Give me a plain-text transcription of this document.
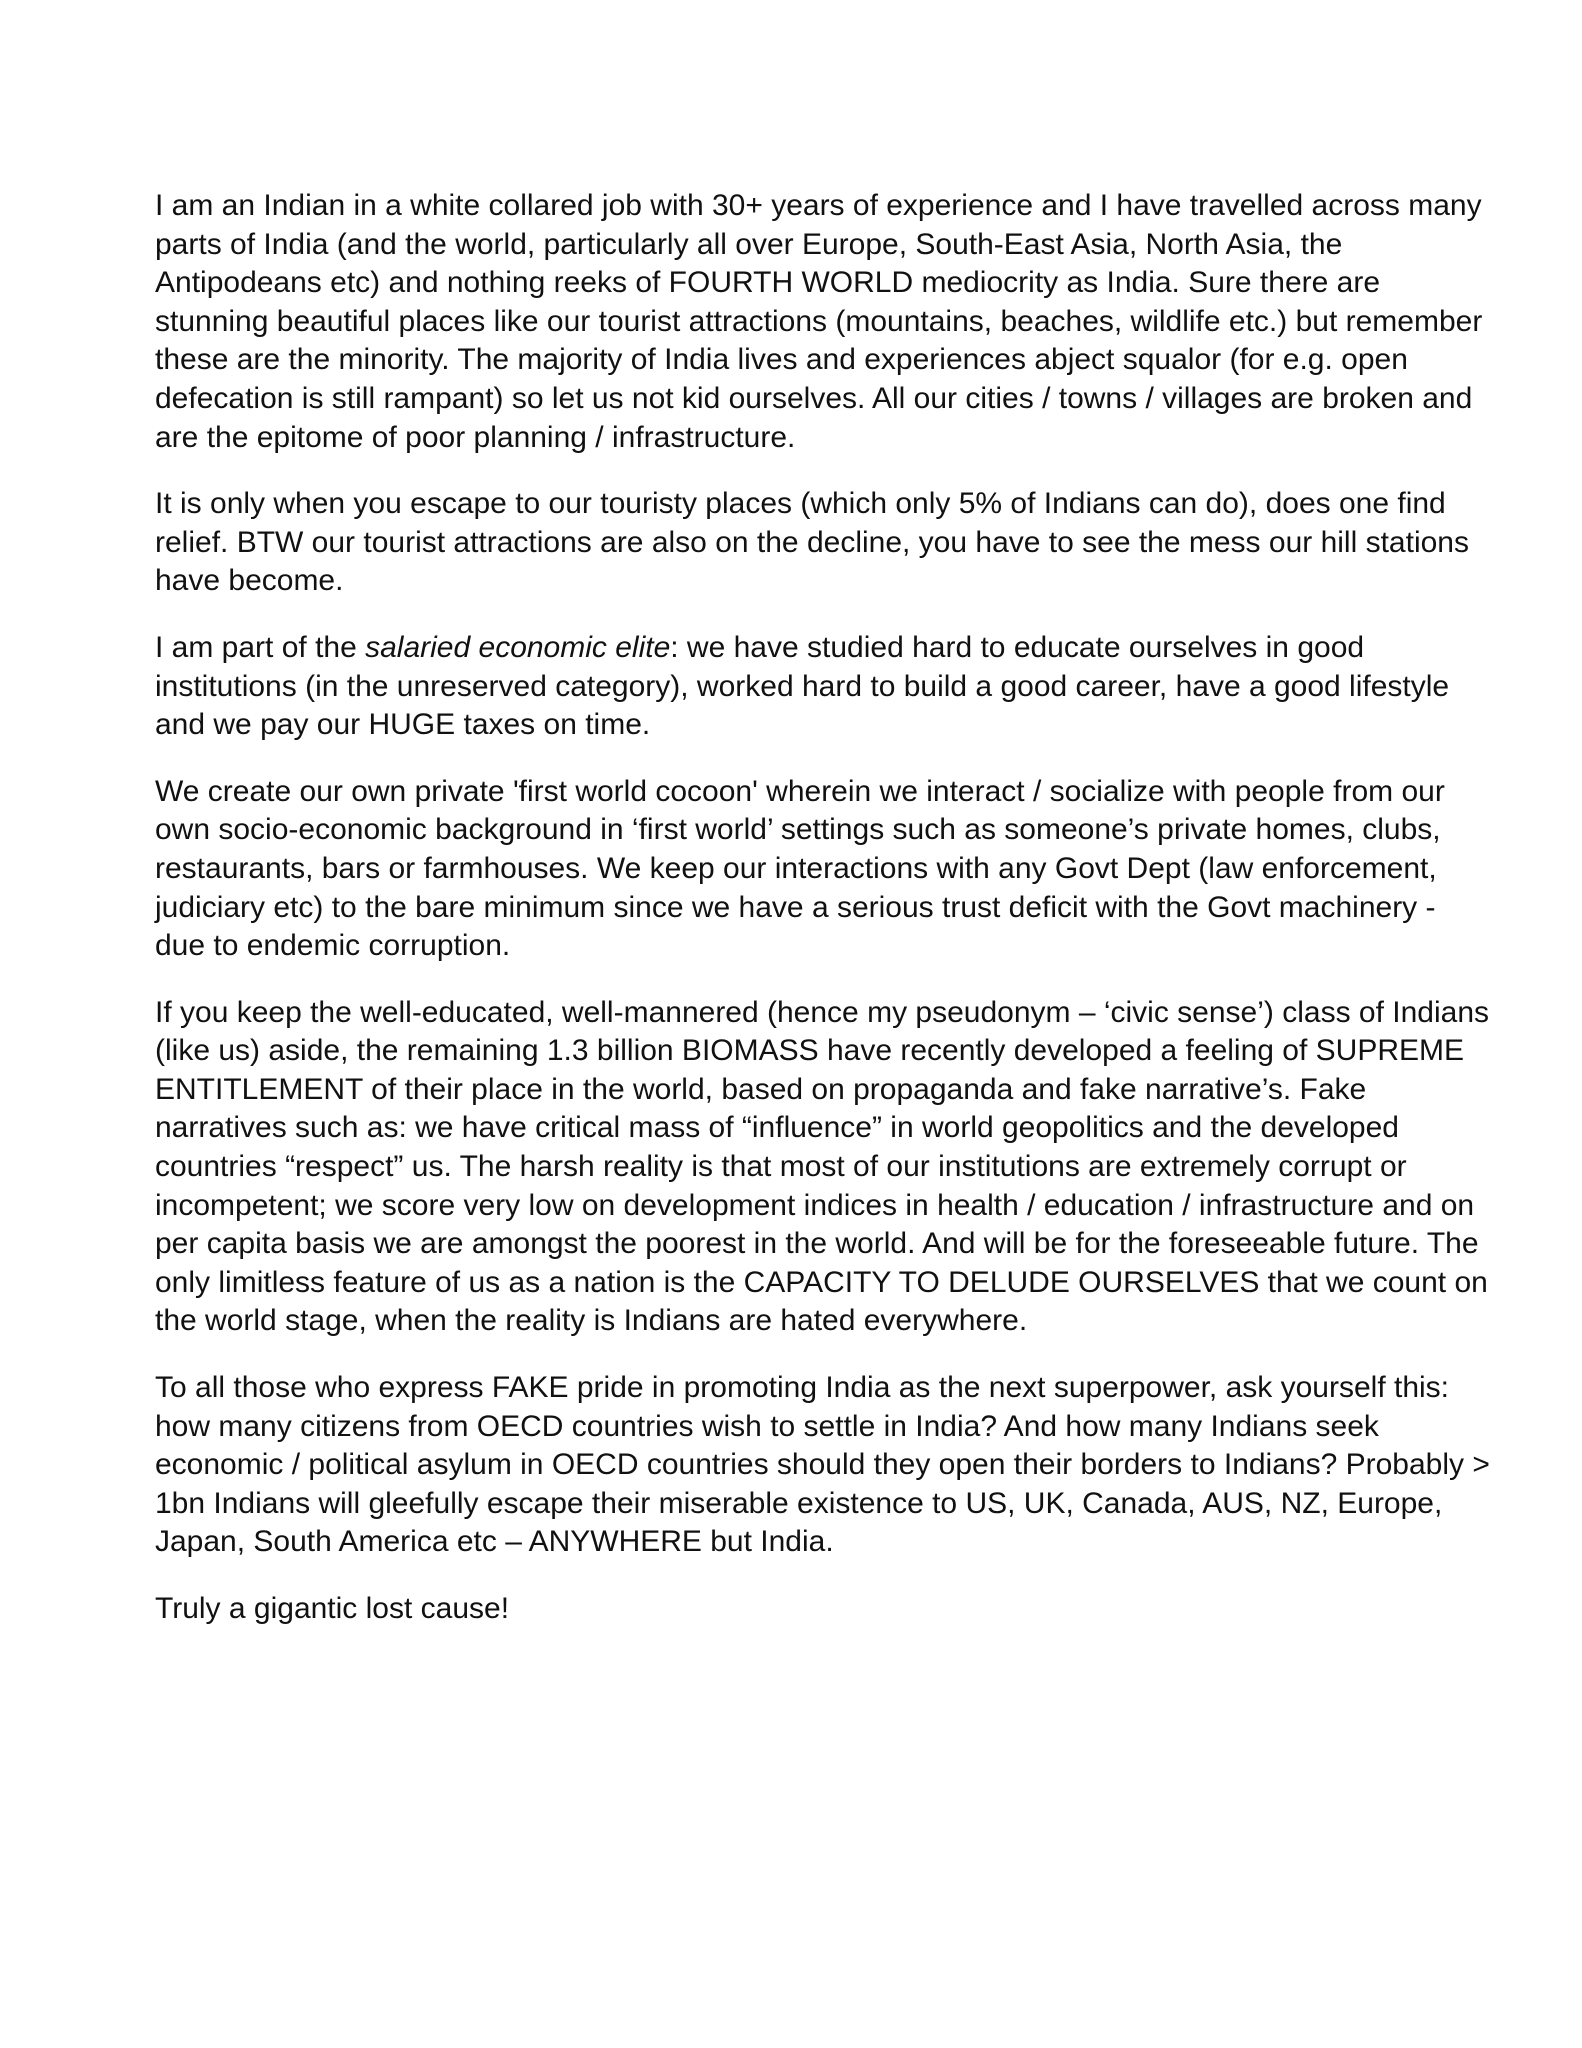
I am an Indian in a white collared job with 30+ years of experience and I have travelled across many parts of India (and the world, particularly all over Europe, South-East Asia, North Asia, the Antipodeans etc) and nothing reeks of FOURTH WORLD mediocrity as India. Sure there are stunning beautiful places like our tourist attractions (mountains, beaches, wildlife etc.) but remember these are the minority. The majority of India lives and experiences abject squalor (for e.g. open defecation is still rampant) so let us not kid ourselves. All our cities / towns / villages are broken and are the epitome of poor planning / infrastructure.

It is only when you escape to our touristy places (which only 5% of Indians can do), does one find relief. BTW our tourist attractions are also on the decline, you have to see the mess our hill stations have become.

I am part of the salaried economic elite: we have studied hard to educate ourselves in good institutions (in the unreserved category), worked hard to build a good career, have a good lifestyle and we pay our HUGE taxes on time.

We create our own private 'first world cocoon' wherein we interact / socialize with people from our own socio-economic background in ‘first world’ settings such as someone’s private homes, clubs, restaurants, bars or farmhouses. We keep our interactions with any Govt Dept (law enforcement, judiciary etc) to the bare minimum since we have a serious trust deficit with the Govt machinery - due to endemic corruption.

If you keep the well-educated, well-mannered (hence my pseudonym – ‘civic sense’) class of Indians (like us) aside, the remaining 1.3 billion BIOMASS have recently developed a feeling of SUPREME ENTITLEMENT of their place in the world, based on propaganda and fake narrative’s. Fake narratives such as: we have critical mass of “influence” in world geopolitics and the developed countries “respect” us. The harsh reality is that most of our institutions are extremely corrupt or incompetent; we score very low on development indices in health / education / infrastructure and on per capita basis we are amongst the poorest in the world. And will be for the foreseeable future. The only limitless feature of us as a nation is the CAPACITY TO DELUDE OURSELVES that we count on the world stage, when the reality is Indians are hated everywhere.

To all those who express FAKE pride in promoting India as the next superpower, ask yourself this: how many citizens from OECD countries wish to settle in India? And how many Indians seek economic / political asylum in OECD countries should they open their borders to Indians? Probably > 1bn Indians will gleefully escape their miserable existence to US, UK, Canada, AUS, NZ, Europe, Japan, South America etc – ANYWHERE but India.

Truly a gigantic lost cause!
